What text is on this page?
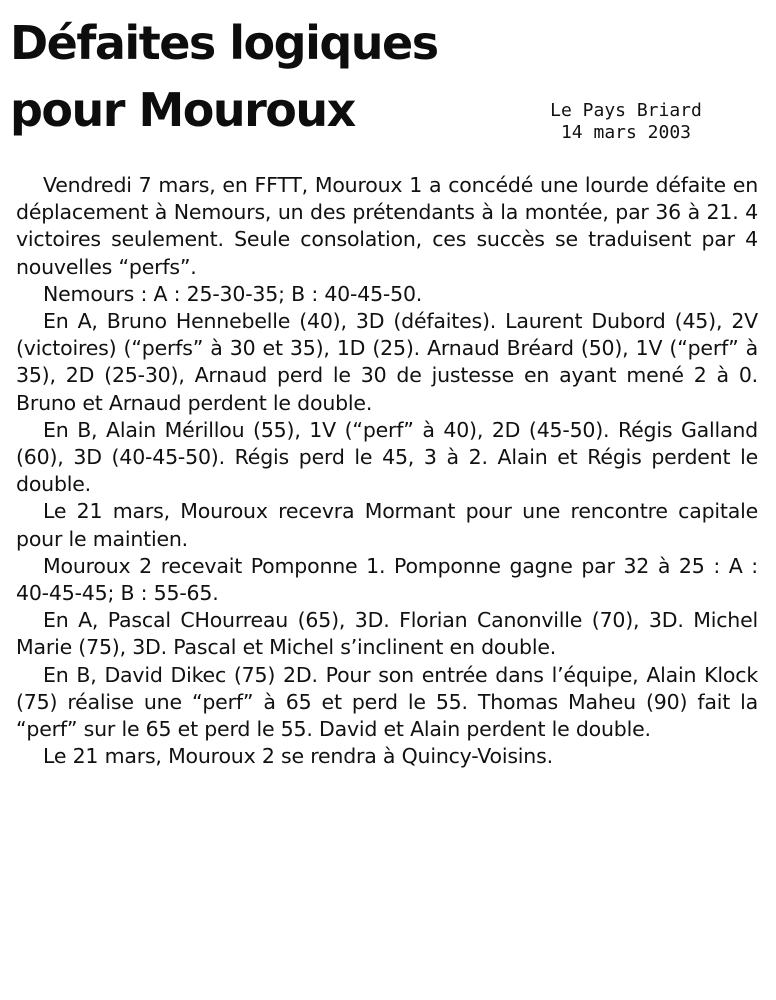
Défaites logiques pour Mouroux	Le Pays Briard
14 mars 2003

Vendredi 7 mars, en FFTT, Mouroux 1 a concédé une lourde défaite en déplacement à Nemours, un des prétendants à la montée, par 36 à 21. 4 victoires seulement. Seule consolation, ces succès se traduisent par 4 nouvelles “perfs”.

Nemours : A : 25-30-35; B : 40-45-50.

En A, Bruno Hennebelle (40), 3D (défaites). Laurent Dubord (45), 2V (victoires) (“perfs” à 30 et 35), 1D (25). Arnaud Bréard (50), 1V (“perf” à 35), 2D (25-30), Arnaud perd le 30 de justesse en ayant mené 2 à 0. Bruno et Arnaud perdent le double.

En B, Alain Mérillou (55), 1V (“perf” à 40), 2D (45-50). Régis Galland (60), 3D (40-45-50). Régis perd le 45, 3 à 2. Alain et Régis perdent le double.

Le 21 mars, Mouroux recevra Mormant pour une rencontre capitale pour le maintien.

Mouroux 2 recevait Pomponne 1. Pomponne gagne par 32 à 25 : A : 40-45-45; B : 55-65.

En A, Pascal CHourreau (65), 3D. Florian Canonville (70), 3D. Michel Marie (75), 3D. Pascal et Michel s’inclinent en double.

En B, David Dikec (75) 2D. Pour son entrée dans l’équipe, Alain Klock (75) réalise une “perf” à 65 et perd le 55. Thomas Maheu (90) fait la “perf” sur le 65 et perd le 55. David et Alain perdent le double.

Le 21 mars, Mouroux 2 se rendra à Quincy-Voisins.
